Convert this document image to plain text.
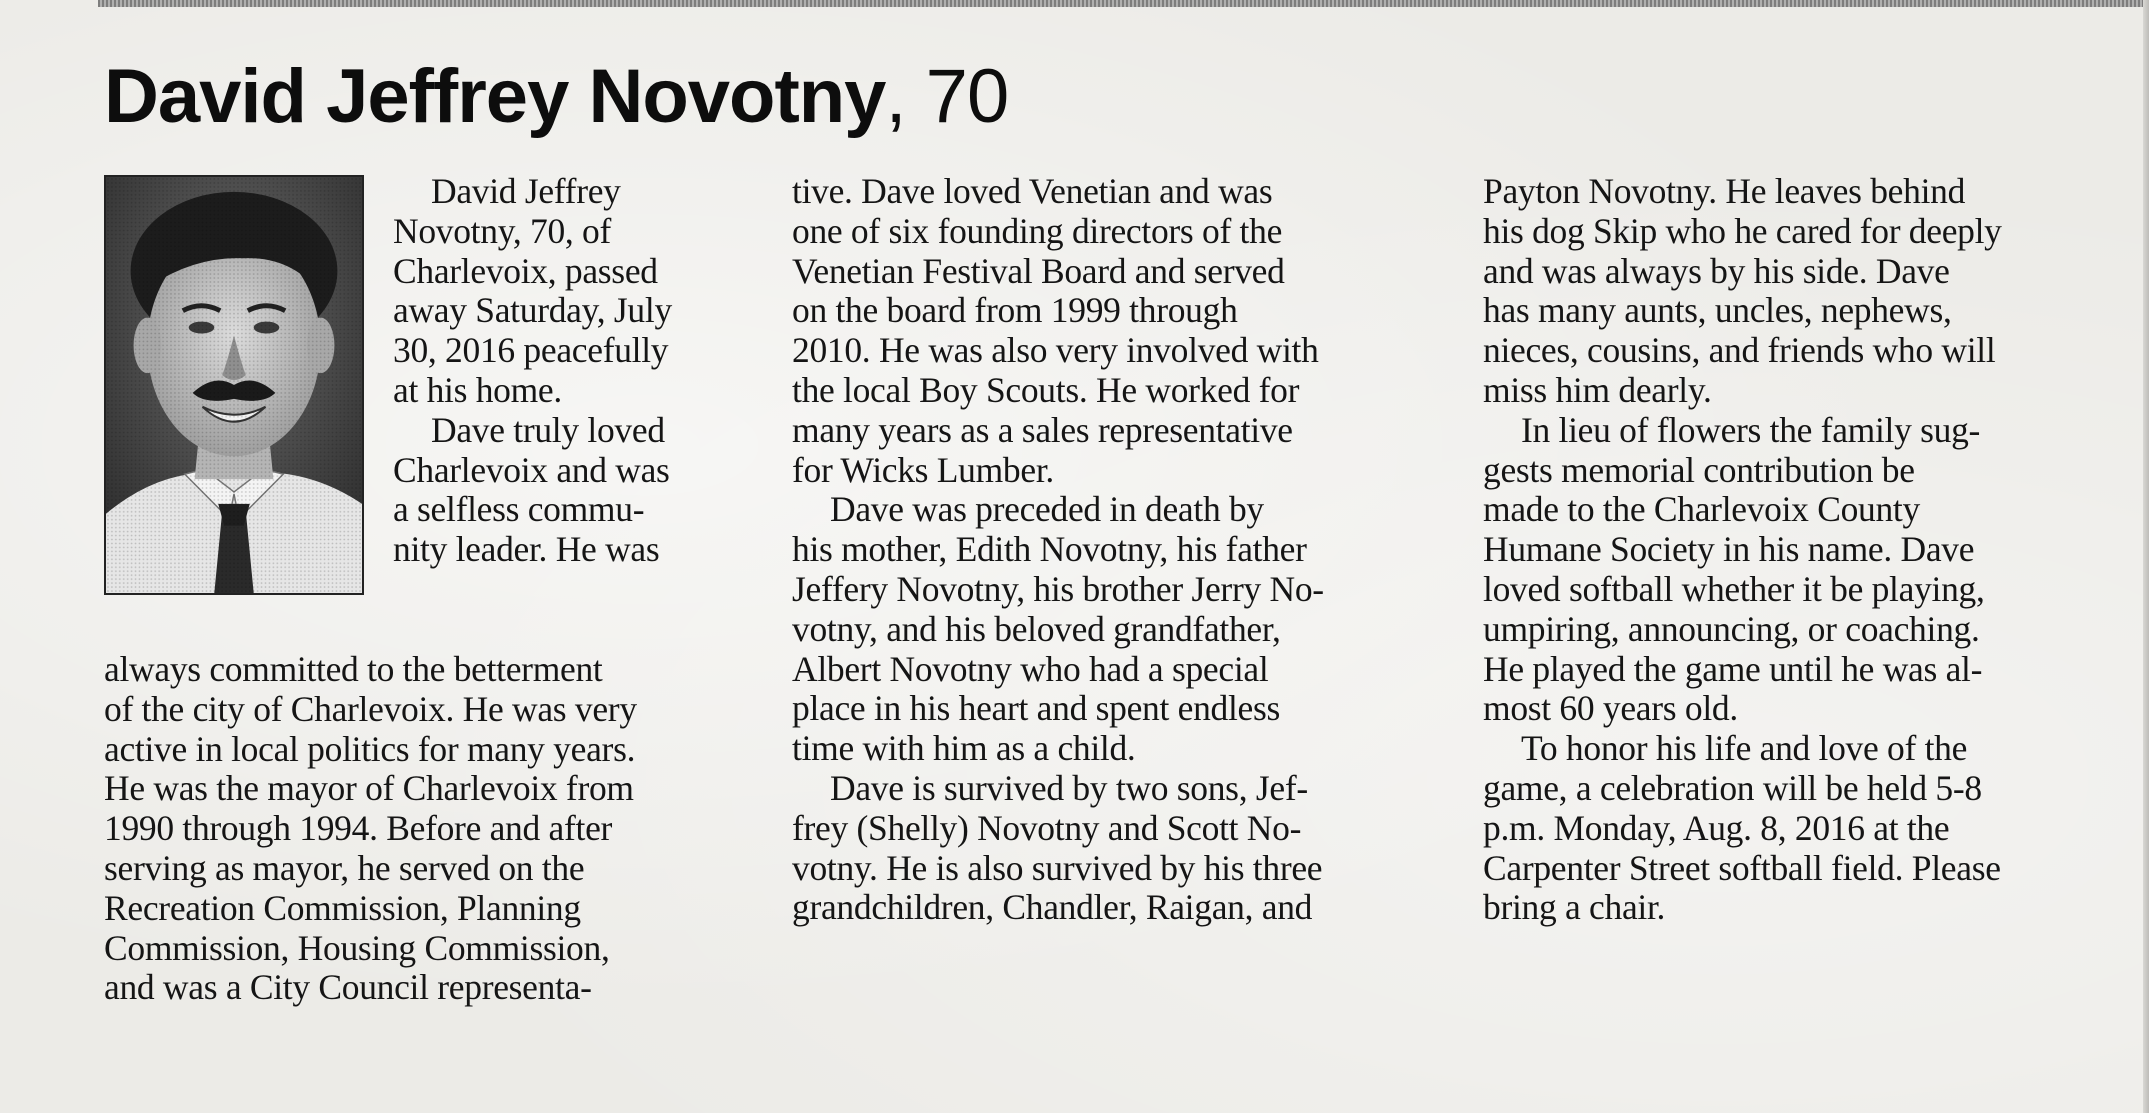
David Jeffrey Novotny, 70
David Jeffrey
Novotny, 70, of
Charlevoix, passed
away Saturday, July
30, 2016 peacefully
at his home.
Dave truly loved
Charlevoix and was
a selfless commu-
nity leader. He was
always committed to the betterment
of the city of Charlevoix. He was very
active in local politics for many years.
He was the mayor of Charlevoix from
1990 through 1994. Before and after
serving as mayor, he served on the
Recreation Commission, Planning
Commission, Housing Commission,
and was a City Council representa-
tive. Dave loved Venetian and was
one of six founding directors of the
Venetian Festival Board and served
on the board from 1999 through
2010. He was also very involved with
the local Boy Scouts. He worked for
many years as a sales representative
for Wicks Lumber.
Dave was preceded in death by
his mother, Edith Novotny, his father
Jeffery Novotny, his brother Jerry No-
votny, and his beloved grandfather,
Albert Novotny who had a special
place in his heart and spent endless
time with him as a child.
Dave is survived by two sons, Jef-
frey (Shelly) Novotny and Scott No-
votny. He is also survived by his three
grandchildren, Chandler, Raigan, and
Payton Novotny. He leaves behind
his dog Skip who he cared for deeply
and was always by his side. Dave
has many aunts, uncles, nephews,
nieces, cousins, and friends who will
miss him dearly.
In lieu of flowers the family sug-
gests memorial contribution be
made to the Charlevoix County
Humane Society in his name. Dave
loved softball whether it be playing,
umpiring, announcing, or coaching.
He played the game until he was al-
most 60 years old.
To honor his life and love of the
game, a celebration will be held 5-8
p.m. Monday, Aug. 8, 2016 at the
Carpenter Street softball field. Please
bring a chair.
